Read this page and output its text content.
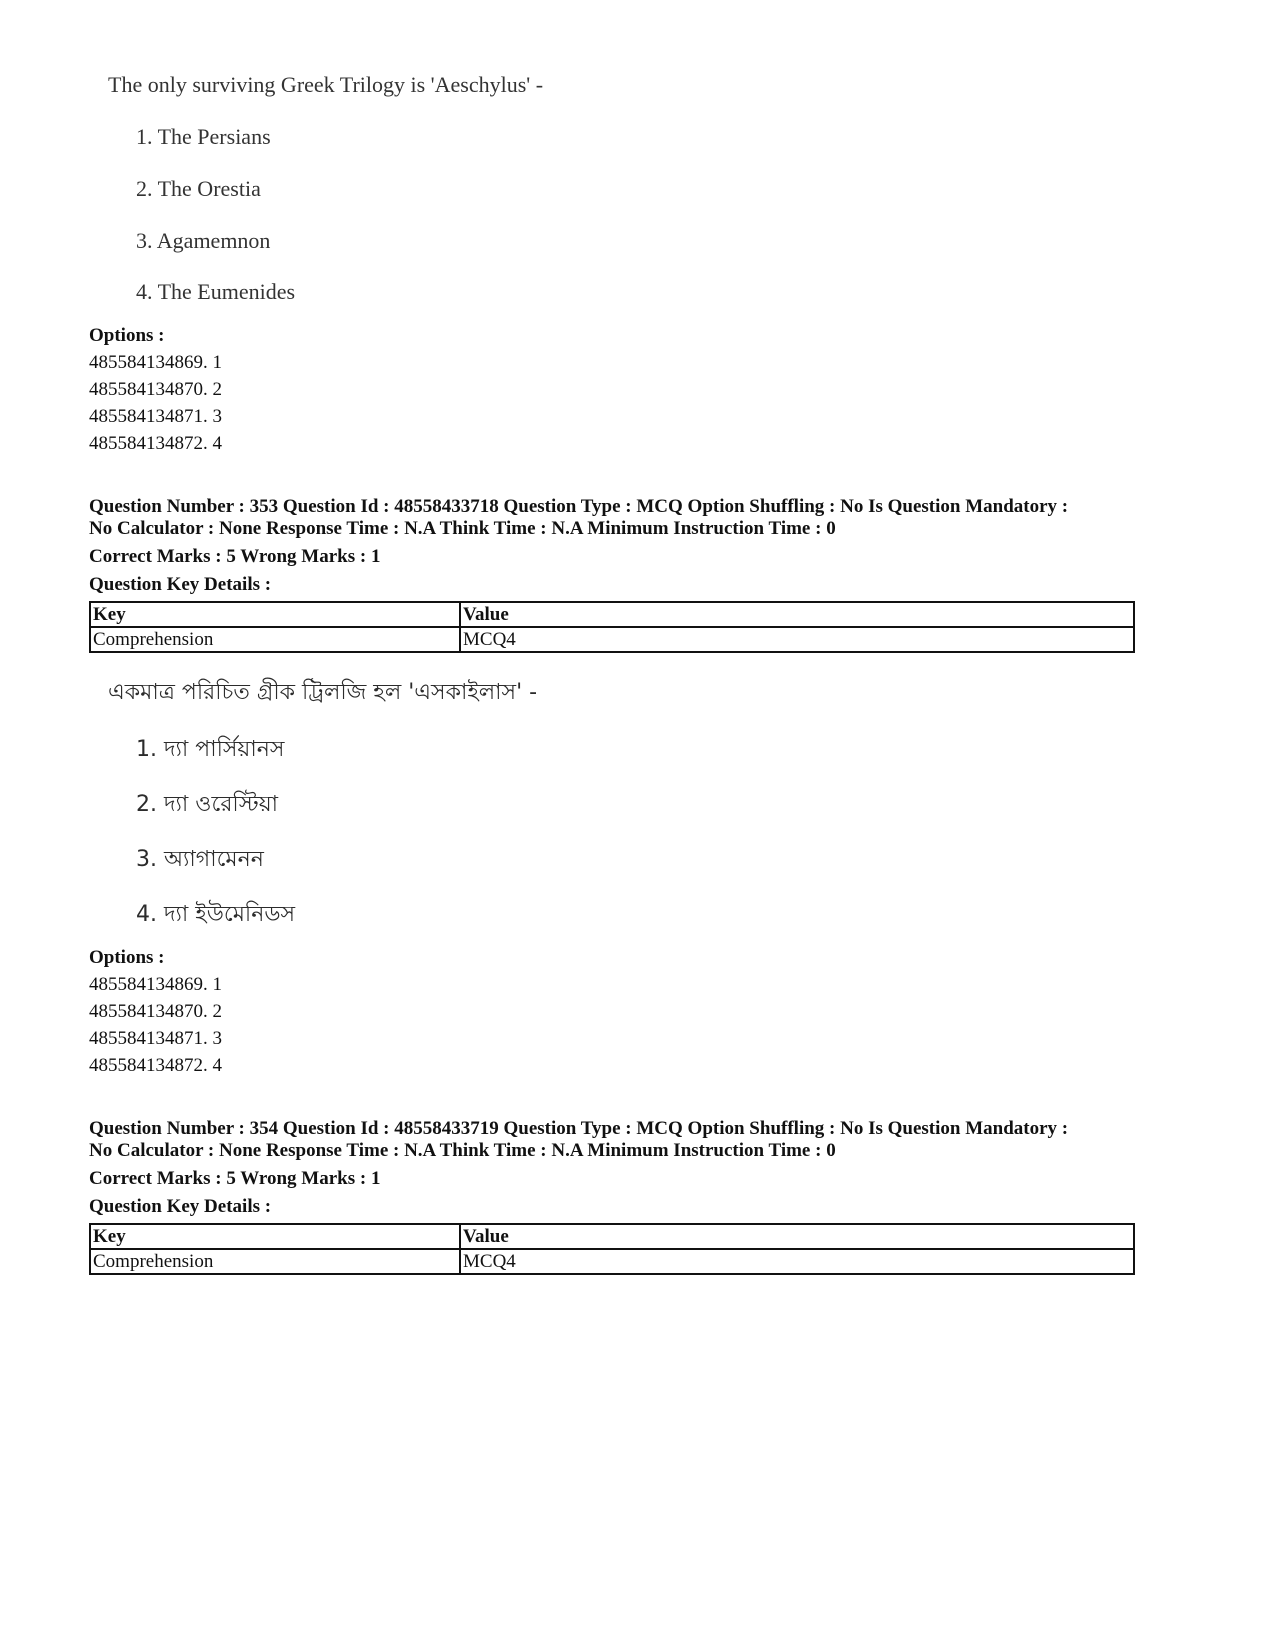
The only surviving Greek Trilogy is 'Aeschylus' -

1. The Persians
2. The Orestia
3. Agamemnon
4. The Eumenides
Options :
485584134869. 1
485584134870. 2
485584134871. 3
485584134872. 4
Question Number : 353 Question Id : 48558433718 Question Type : MCQ Option Shuffling : No Is Question Mandatory :
No Calculator : None Response Time : N.A Think Time : N.A Minimum Instruction Time : 0
Correct Marks : 5 Wrong Marks : 1
Question Key Details :
Key	Value
Comprehension	MCQ4

একমাত্র পরিচিত গ্রীক ট্রিলজি হল 'এসকাইলাস' -

1. দ্যা পার্সিয়ানস
2. দ্যা ওরেস্টিয়া
3. অ্যাগামেনন
4. দ্যা ইউমেনিডস
Options :
485584134869. 1
485584134870. 2
485584134871. 3
485584134872. 4
Question Number : 354 Question Id : 48558433719 Question Type : MCQ Option Shuffling : No Is Question Mandatory :
No Calculator : None Response Time : N.A Think Time : N.A Minimum Instruction Time : 0
Correct Marks : 5 Wrong Marks : 1
Question Key Details :
Key	Value
Comprehension	MCQ4
